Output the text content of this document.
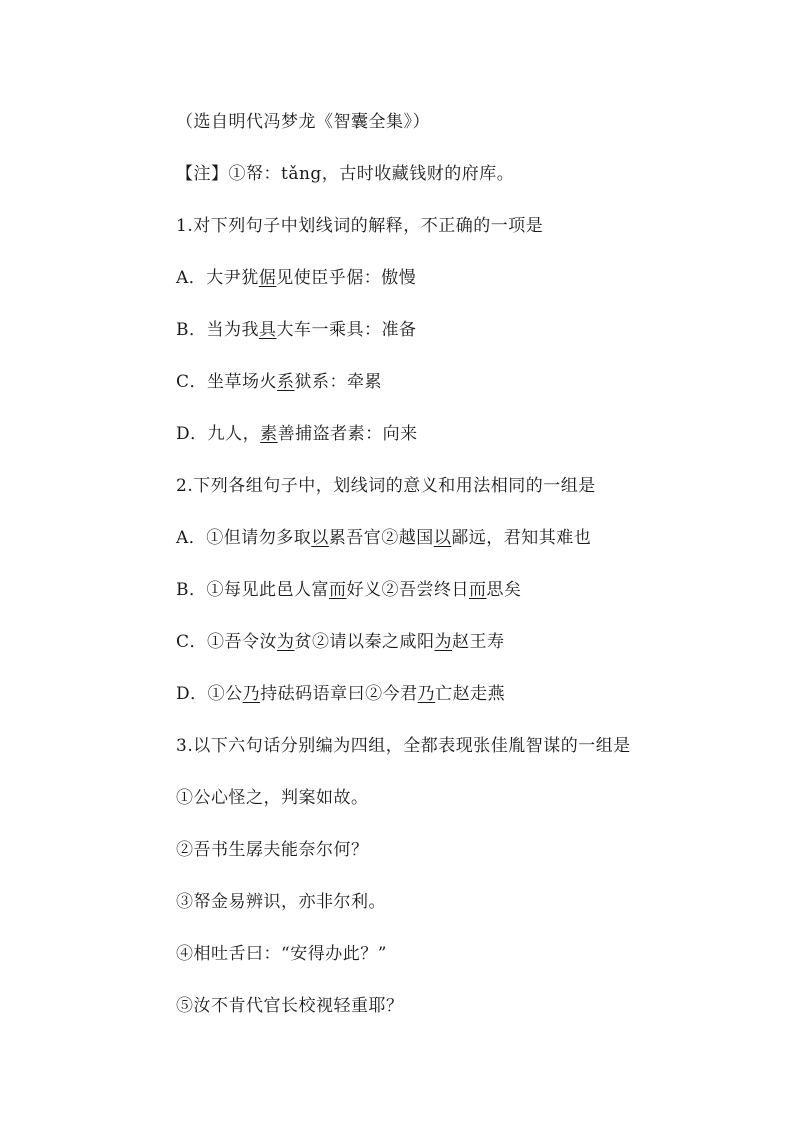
（选自明代冯梦龙《智囊全集》）
【注】①帑：tǎng，古时收藏钱财的府库。
1.对下列句子中划线词的解释，不正确的一项是
A．大尹犹倨见使臣乎倨：傲慢
B．当为我具大车一乘具：准备
C．坐草场火系狱系：牵累
D．九人，素善捕盗者素：向来
2.下列各组句子中，划线词的意义和用法相同的一组是
A．①但请勿多取以累吾官②越国以鄙远，君知其难也
B．①每见此邑人富而好义②吾尝终日而思矣
C．①吾令汝为贫②请以秦之咸阳为赵王寿
D．①公乃持砝码语章曰②今君乃亡赵走燕
3.以下六句话分别编为四组，全都表现张佳胤智谋的一组是
①公心怪之，判案如故。
②吾书生孱夫能奈尔何？
③帑金易辨识，亦非尔利。
④相吐舌曰：“安得办此？”
⑤汝不肯代官长校视轻重耶？
